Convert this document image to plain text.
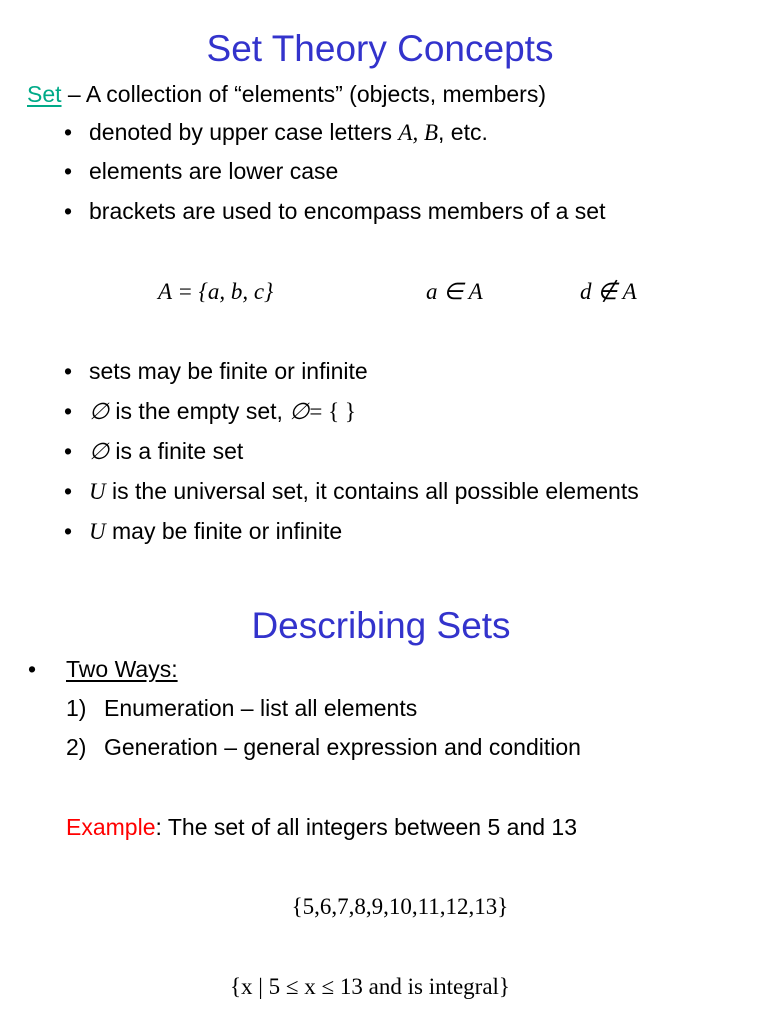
Set Theory Concepts
Set – A collection of “elements” (objects, members)
• denoted by upper case letters A, B, etc.
• elements are lower case
• brackets are used to encompass members of a set
A = {a, b, c}	a ∈ A	d ∉ A
• sets may be finite or infinite
• ∅ is the empty set, ∅= { }
• ∅ is a finite set
• U is the universal set, it contains all possible elements
• U may be finite or infinite
Describing Sets
• Two Ways:
1) Enumeration – list all elements
2) Generation – general expression and condition
Example: The set of all integers between 5 and 13
{5,6,7,8,9,10,11,12,13}
{x | 5 ≤ x ≤ 13 and is integral}
